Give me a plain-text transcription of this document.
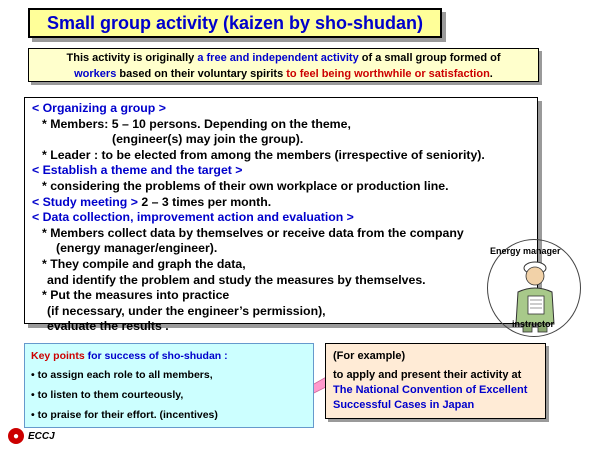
Small group activity (kaizen by sho-shudan)
This activity is originally a free and independent activity of a small group formed of
workers based on their voluntary spirits to feel being worthwhile or satisfaction.
< Organizing a group >
* Members: 5 – 10 persons. Depending on the theme,
(engineer(s) may join the group).
* Leader : to be elected from among the members (irrespective of seniority).
< Establish a theme and the target >
* considering the problems of their own workplace or production line.
< Study meeting > 2 – 3 times per month.
< Data collection, improvement action and evaluation >
* Members collect data by themselves or receive data from the company
(energy manager/engineer).
* They compile and graph the data,
and identify the problem and study the measures by themselves.
* Put the measures into practice
(if necessary, under the engineer’s permission),
evaluate the results .
Energy manager
instructor
Key points for success of sho-shudan :
• to assign each role to all members,
• to listen to them courteously,
• to praise for their effort. (incentives)
(For example)
to apply and present their activity at
The National Convention of Excellent
Successful Cases in Japan
● ECCJ
